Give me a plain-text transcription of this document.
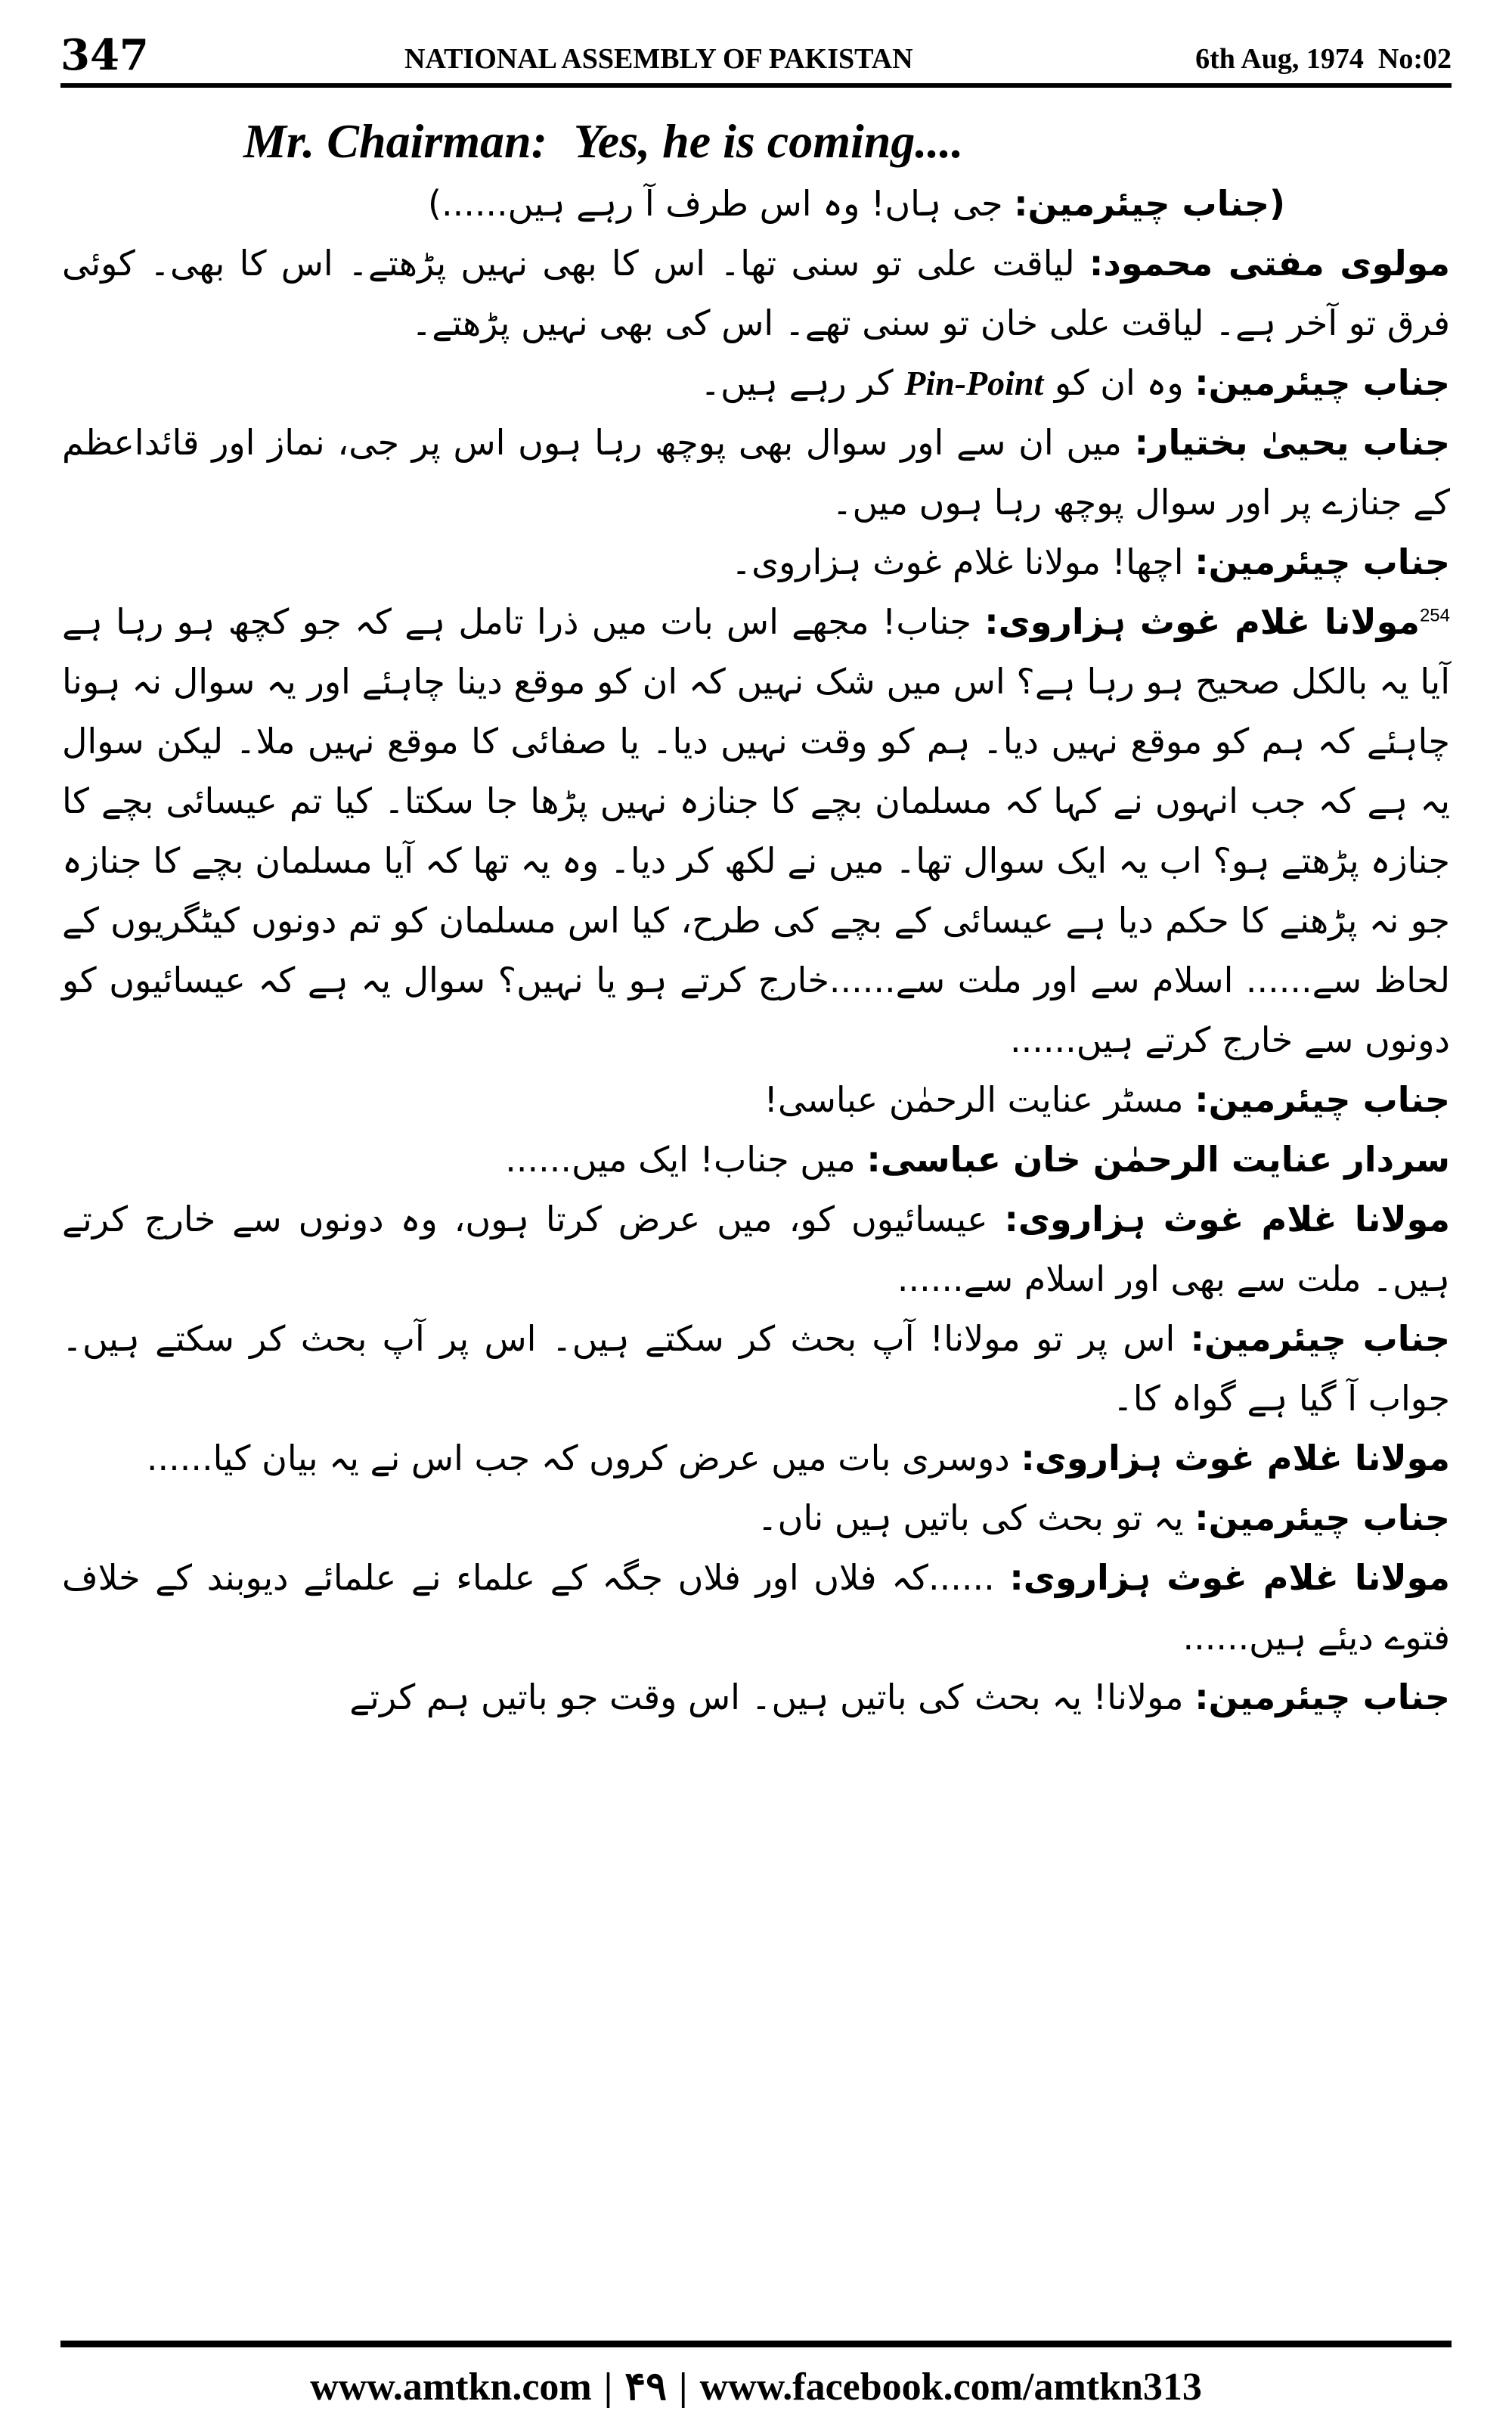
347	NATIONAL ASSEMBLY OF PAKISTAN	6th Aug, 1974 No:02

Mr. Chairman: Yes, he is coming....

(جناب چیئرمین: جی ہاں! وہ اس طرف آ رہے ہیں......)

مولوی مفتی محمود: لیاقت علی تو سنی تھا۔ اس کا بھی نہیں پڑھتے۔ اس کا بھی۔ کوئی فرق تو آخر ہے۔ لیاقت علی خان تو سنی تھے۔ اس کی بھی نہیں پڑھتے۔

جناب چیئرمین: وہ ان کو Pin-Point کر رہے ہیں۔

جناب یحییٰ بختیار: میں ان سے اور سوال بھی پوچھ رہا ہوں اس پر جی، نماز اور قائداعظم کے جنازے پر اور سوال پوچھ رہا ہوں میں۔

جناب چیئرمین: اچھا! مولانا غلام غوث ہزاروی۔

$^{254}$مولانا غلام غوث ہزاروی: جناب! مجھے اس بات میں ذرا تامل ہے کہ جو کچھ ہو رہا ہے آیا یہ بالکل صحیح ہو رہا ہے؟ اس میں شک نہیں کہ ان کو موقع دینا چاہئے اور یہ سوال نہ ہونا چاہئے کہ ہم کو موقع نہیں دیا۔ ہم کو وقت نہیں دیا۔ یا صفائی کا موقع نہیں ملا۔ لیکن سوال یہ ہے کہ جب انہوں نے کہا کہ مسلمان بچے کا جنازہ نہیں پڑھا جا سکتا۔ کیا تم عیسائی بچے کا جنازہ پڑھتے ہو؟ اب یہ ایک سوال تھا۔ میں نے لکھ کر دیا۔ وہ یہ تھا کہ آیا مسلمان بچے کا جنازہ جو نہ پڑھنے کا حکم دیا ہے عیسائی کے بچے کی طرح، کیا اس مسلمان کو تم دونوں کیٹگریوں کے لحاظ سے...... اسلام سے اور ملت سے......خارج کرتے ہو یا نہیں؟ سوال یہ ہے کہ عیسائیوں کو دونوں سے خارج کرتے ہیں......

جناب چیئرمین: مسٹر عنایت الرحمٰن عباسی!

سردار عنایت الرحمٰن خان عباسی: میں جناب! ایک میں......

مولانا غلام غوث ہزاروی: عیسائیوں کو، میں عرض کرتا ہوں، وہ دونوں سے خارج کرتے ہیں۔ ملت سے بھی اور اسلام سے......

جناب چیئرمین: اس پر تو مولانا! آپ بحث کر سکتے ہیں۔ اس پر آپ بحث کر سکتے ہیں۔ جواب آ گیا ہے گواہ کا۔

مولانا غلام غوث ہزاروی: دوسری بات میں عرض کروں کہ جب اس نے یہ بیان کیا......

جناب چیئرمین: یہ تو بحث کی باتیں ہیں ناں۔

مولانا غلام غوث ہزاروی: ......کہ فلاں اور فلاں جگہ کے علماء نے علمائے دیوبند کے خلاف فتوے دیئے ہیں......

جناب چیئرمین: مولانا! یہ بحث کی باتیں ہیں۔ اس وقت جو باتیں ہم کرتے

www.amtkn.com | ۴۹ | www.facebook.com/amtkn313
